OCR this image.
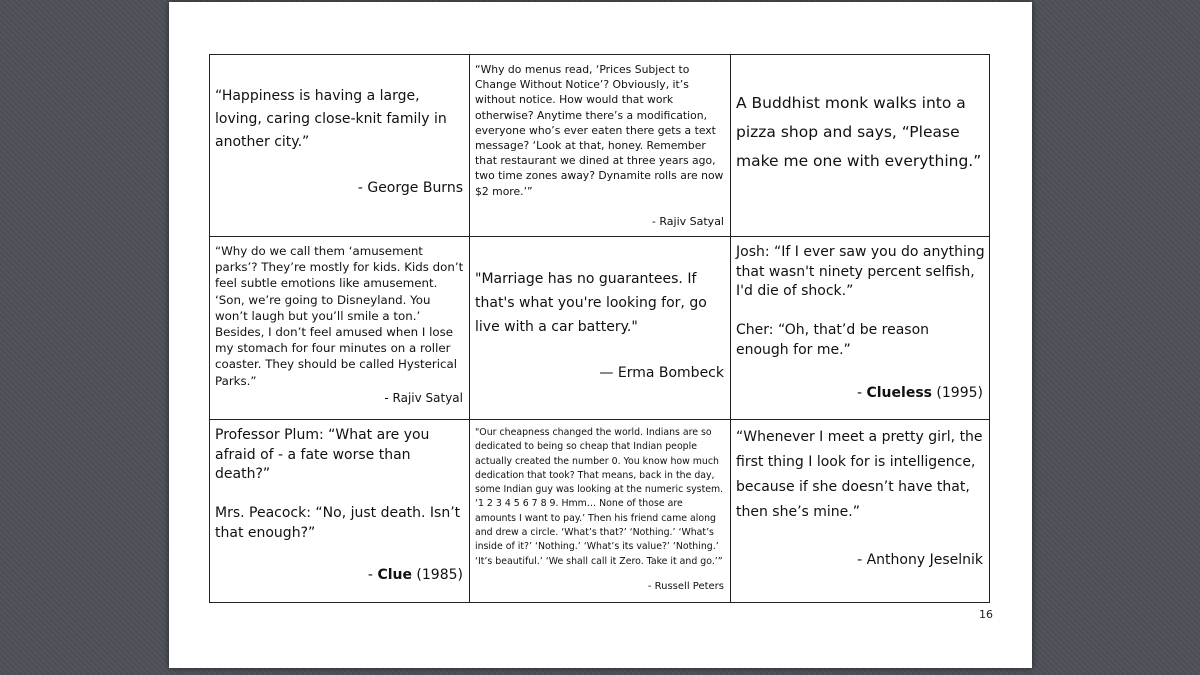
“Happiness is having a large, loving, caring close-knit family in another city.”
- George Burns
“Why do menus read, ‘Prices Subject to Change Without Notice’? Obviously, it’s without notice. How would that work otherwise? Anytime there’s a modification, everyone who’s ever eaten there gets a text message? ‘Look at that, honey. Remember that restaurant we dined at three years ago, two time zones away? Dynamite rolls are now $2 more.’”
- Rajiv Satyal
A Buddhist monk walks into a pizza shop and says, “Please make me one with everything.”
“Why do we call them ‘amusement parks’? They’re mostly for kids. Kids don’t feel subtle emotions like amusement. ‘Son, we’re going to Disneyland. You won’t laugh but you’ll smile a ton.’ Besides, I don’t feel amused when I lose my stomach for four minutes on a roller coaster. They should be called Hysterical Parks.”
- Rajiv Satyal
"Marriage has no guarantees. If that's what you're looking for, go live with a car battery."
— Erma Bombeck
Josh: “If I ever saw you do anything that wasn't ninety percent selfish, I'd die of shock.”

Cher: “Oh, that’d be reason enough for me.”
- Clueless (1995)
Professor Plum: “What are you afraid of - a fate worse than death?”

Mrs. Peacock: “No, just death. Isn’t that enough?”
- Clue (1985)
"Our cheapness changed the world. Indians are so dedicated to being so cheap that Indian people actually created the number 0. You know how much dedication that took? That means, back in the day, some Indian guy was looking at the numeric system. ‘1 2 3 4 5 6 7 8 9. Hmm… None of those are amounts I want to pay.’ Then his friend came along and drew a circle. ‘What’s that?’ ‘Nothing.’ ‘What’s inside of it?’ ‘Nothing.’ ‘What’s its value?’ ‘Nothing.’ ‘It’s beautiful.’ ‘We shall call it Zero. Take it and go.’”
- Russell Peters
“Whenever I meet a pretty girl, the first thing I look for is intelligence, because if she doesn’t have that, then she’s mine.”
- Anthony Jeselnik
16
